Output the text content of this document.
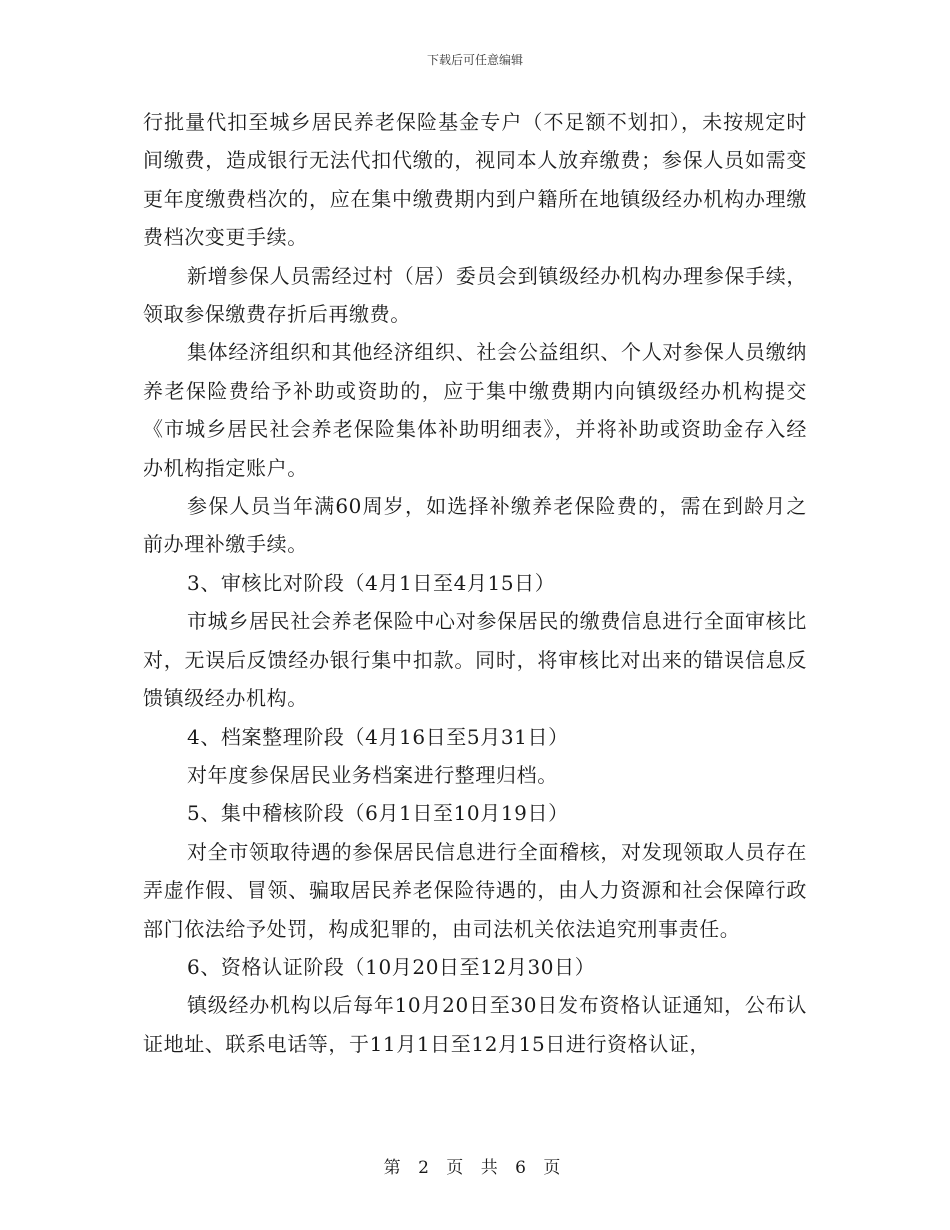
下载后可任意编辑

行批量代扣至城乡居民养老保险基金专户（不足额不划扣），未按规定时间缴费，造成银行无法代扣代缴的，视同本人放弃缴费；参保人员如需变更年度缴费档次的，应在集中缴费期内到户籍所在地镇级经办机构办理缴费档次变更手续。

新增参保人员需经过村（居）委员会到镇级经办机构办理参保手续，领取参保缴费存折后再缴费。

集体经济组织和其他经济组织、社会公益组织、个人对参保人员缴纳养老保险费给予补助或资助的，应于集中缴费期内向镇级经办机构提交《市城乡居民社会养老保险集体补助明细表》，并将补助或资助金存入经办机构指定账户。

参保人员当年满60周岁，如选择补缴养老保险费的，需在到龄月之前办理补缴手续。

3、审核比对阶段（4月1日至4月15日）

市城乡居民社会养老保险中心对参保居民的缴费信息进行全面审核比对，无误后反馈经办银行集中扣款。同时，将审核比对出来的错误信息反馈镇级经办机构。

4、档案整理阶段（4月16日至5月31日）

对年度参保居民业务档案进行整理归档。

5、集中稽核阶段（6月1日至10月19日）

对全市领取待遇的参保居民信息进行全面稽核，对发现领取人员存在弄虚作假、冒领、骗取居民养老保险待遇的，由人力资源和社会保障行政部门依法给予处罚，构成犯罪的，由司法机关依法追究刑事责任。

6、资格认证阶段（10月20日至12月30日）

镇级经办机构以后每年10月20日至30日发布资格认证通知，公布认证地址、联系电话等，于11月1日至12月15日进行资格认证，

第 2 页 共 6 页
